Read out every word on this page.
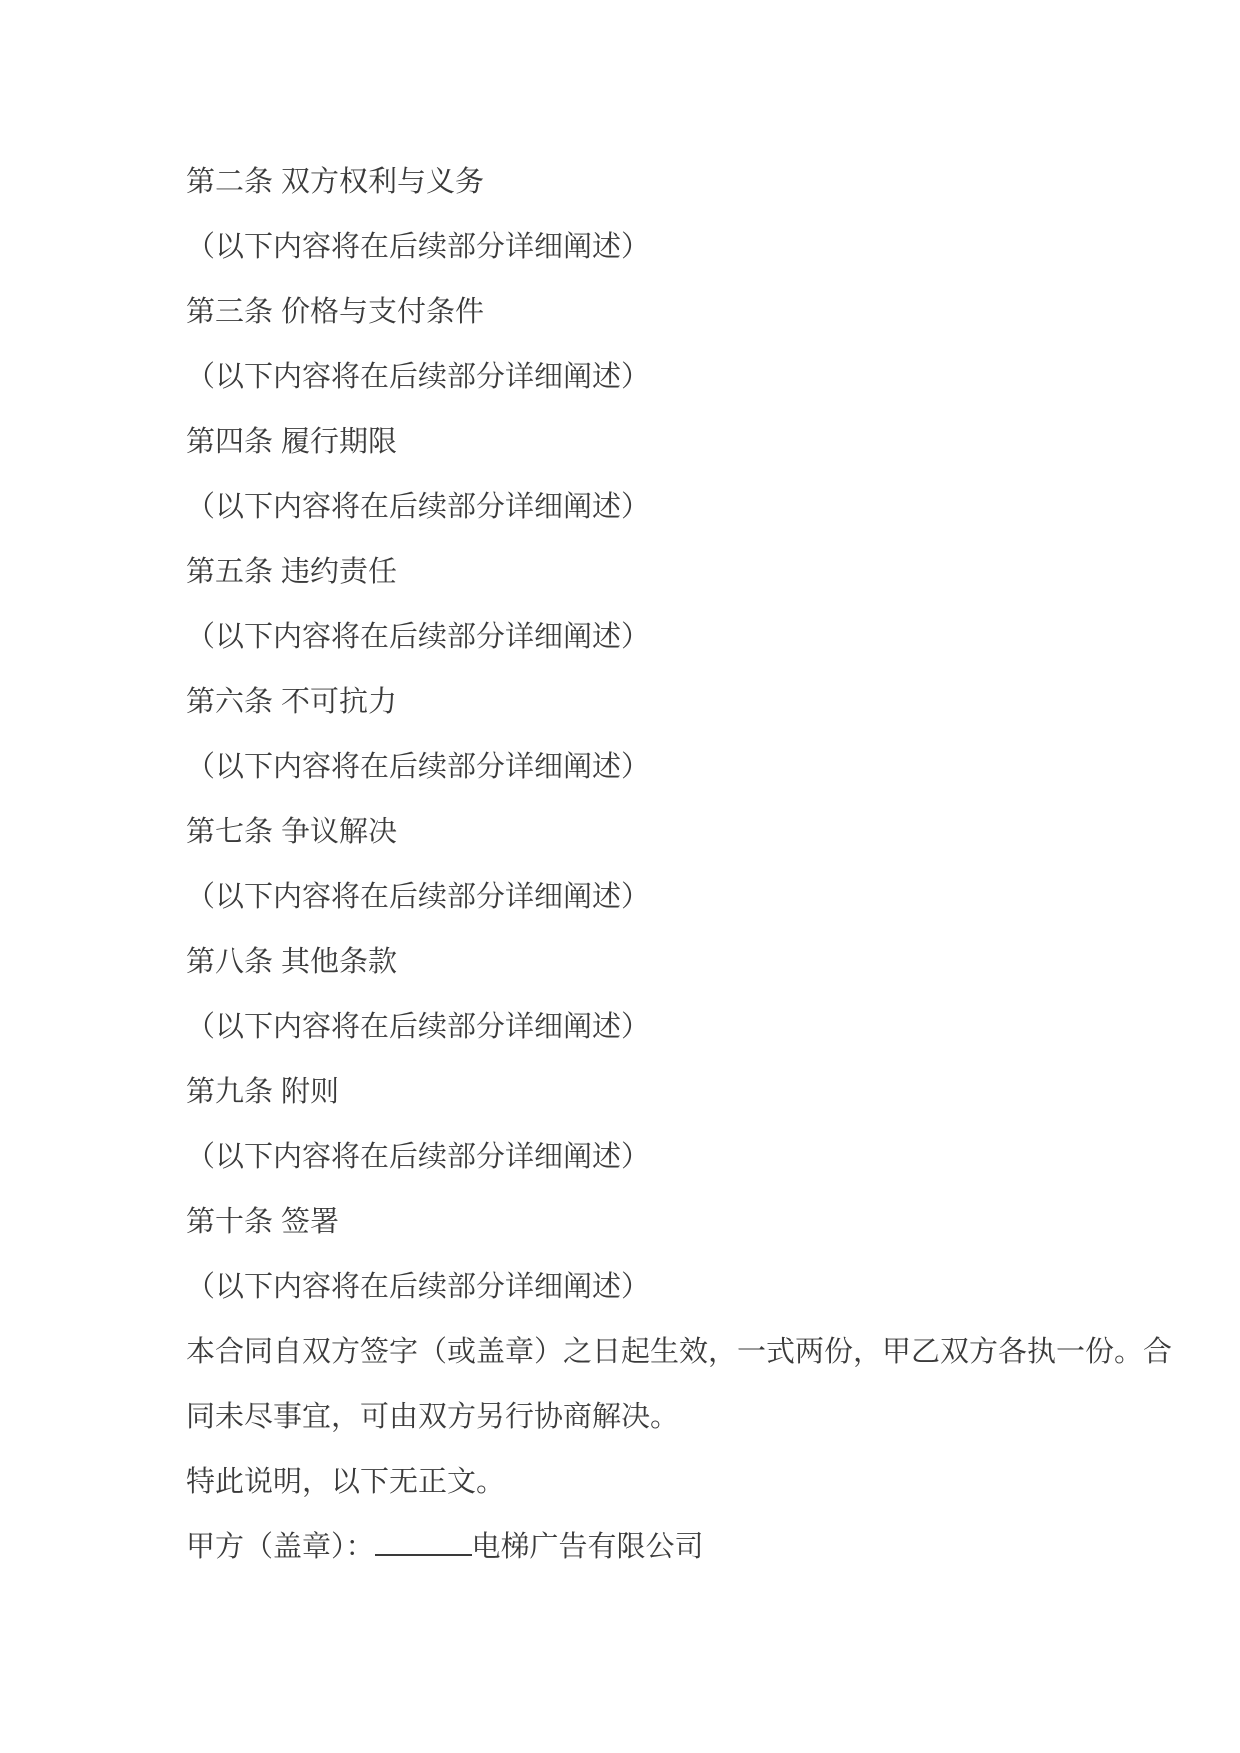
第二条 双方权利与义务

（以下内容将在后续部分详细阐述）

第三条 价格与支付条件

（以下内容将在后续部分详细阐述）

第四条 履行期限

（以下内容将在后续部分详细阐述）

第五条 违约责任

（以下内容将在后续部分详细阐述）

第六条 不可抗力

（以下内容将在后续部分详细阐述）

第七条 争议解决

（以下内容将在后续部分详细阐述）

第八条 其他条款

（以下内容将在后续部分详细阐述）

第九条 附则

（以下内容将在后续部分详细阐述）

第十条 签署

（以下内容将在后续部分详细阐述）

本合同自双方签字（或盖章）之日起生效，一式两份，甲乙双方各执一份。合

同未尽事宜，可由双方另行协商解决。

特此说明，以下无正文。

甲方（盖章）：	电梯广告有限公司
